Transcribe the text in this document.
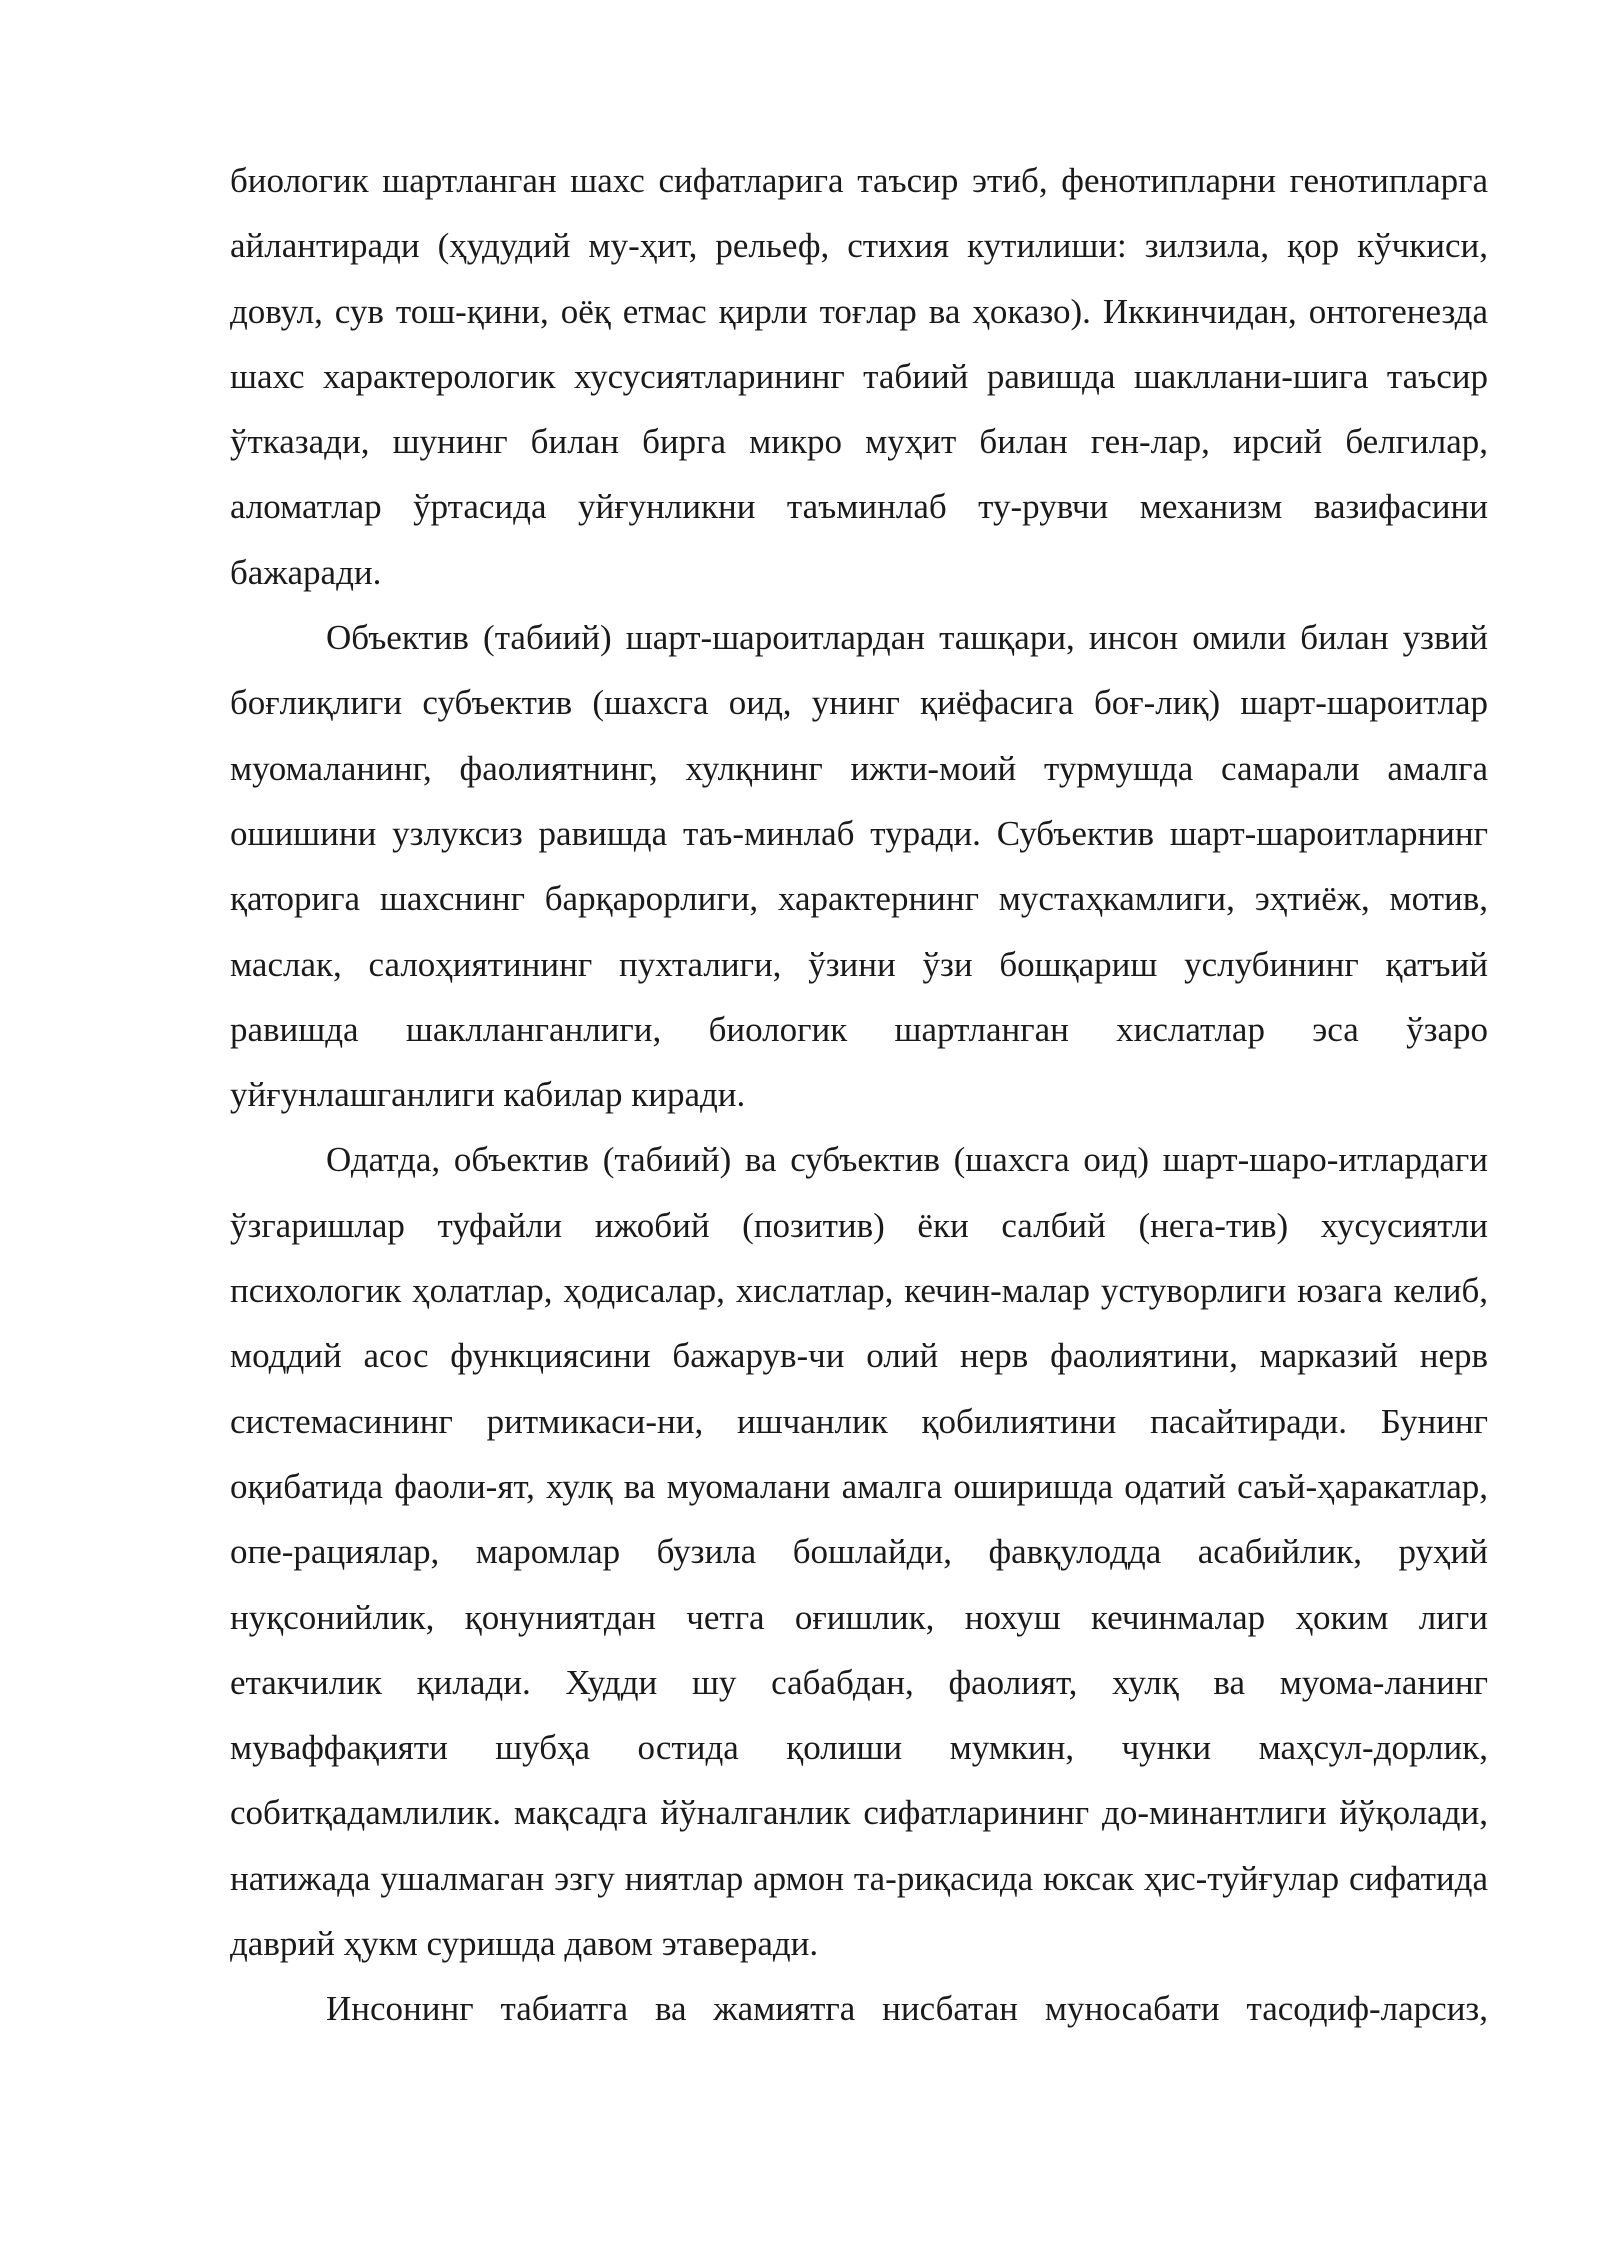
биологик шартланган шахс сифатларига таъсир этиб, фенотипларни генотипларга айлантиради (ҳудудий му-ҳит, рельеф, стихия кутилиши: зилзила, қор кўчкиси, довул, сув тош-қини, оёқ етмас қирли тоғлар ва ҳоказо). Иккинчидан, онтогенезда шахс характерологик хусусиятларининг табиий равишда шакллани-шига таъсир ўтказади, шунинг билан бирга микро муҳит билан ген-лар, ирсий белгилар, аломатлар ўртасида уйғунликни таъминлаб ту-рувчи механизм вазифасини бажаради.

Объектив (табиий) шарт-шароитлардан ташқари, инсон омили билан узвий боғлиқлиги субъектив (шахсга оид, унинг қиёфасига боғ-лиқ) шарт-шароитлар муомаланинг, фаолиятнинг, хулқнинг ижти-моий турмушда самарали амалга ошишини узлуксиз равишда таъ-минлаб туради. Субъектив шарт-шароитларнинг қаторига шахснинг барқарорлиги, характернинг мустаҳкамлиги, эҳтиёж, мотив, маслак, салоҳиятининг пухталиги, ўзини ўзи бошқариш услубининг қатъий равишда шаклланганлиги, биологик шартланган хислатлар эса ўзаро уйғунлашганлиги кабилар киради.

Одатда, объектив (табиий) ва субъектив (шахсга оид) шарт-шаро-итлардаги ўзгаришлар туфайли ижобий (позитив) ёки салбий (нега-тив) хусусиятли психологик ҳолатлар, ҳодисалар, хислатлар, кечин-малар устуворлиги юзага келиб, моддий асос функциясини бажарув-чи олий нерв фаолиятини, марказий нерв системасининг ритмикаси-ни, ишчанлик қобилиятини пасайтиради. Бунинг оқибатида фаоли-ят, хулқ ва муомалани амалга оширишда одатий саъй-ҳаракатлар, опе-рациялар, маромлар бузила бошлайди, фавқулодда асабийлик, руҳий нуқсонийлик, қонуниятдан четга оғишлик, нохуш кечинмалар ҳоким лиги етакчилик қилади. Худди шу сабабдан, фаолият, хулқ ва муома-ланинг муваффақияти шубҳа остида қолиши мумкин, чунки маҳсул-дорлик, собитқадамлилик. мақсадга йўналганлик сифатларининг до-минантлиги йўқолади, натижада ушалмаган эзгу ниятлар армон та-риқасида юксак ҳис-туйғулар сифатида даврий ҳукм суришда давом этаверади.

Инсонинг табиатга ва жамиятга нисбатан муносабати тасодиф-ларсиз,
